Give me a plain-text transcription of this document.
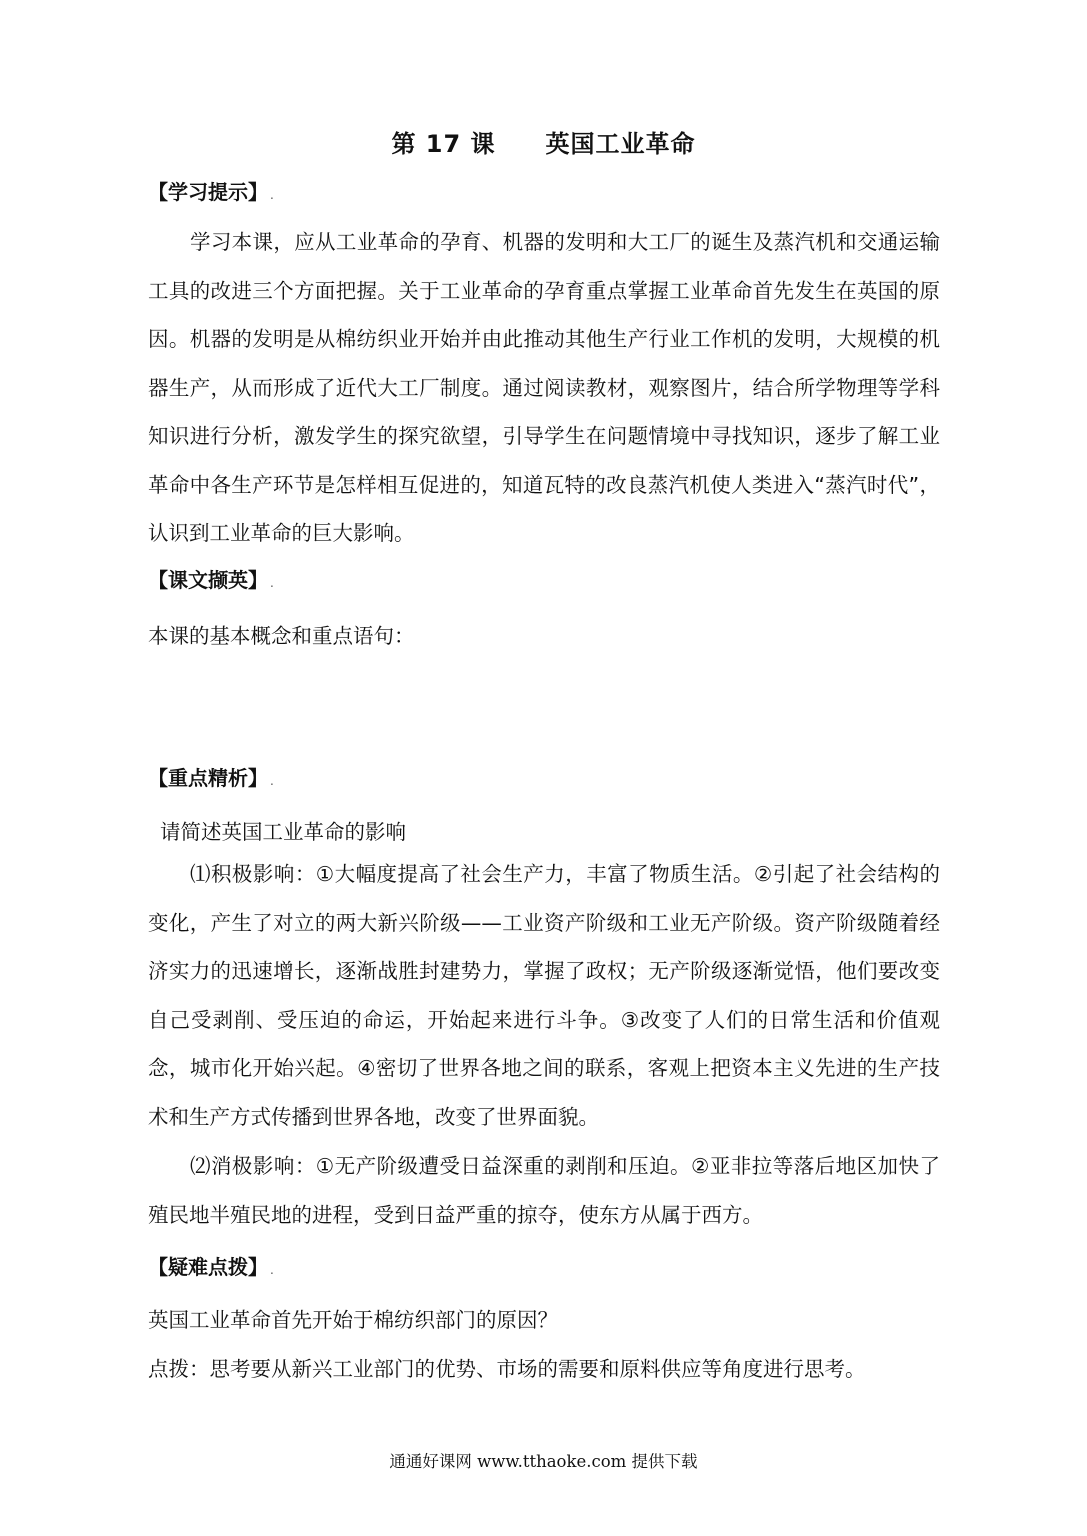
第 17 课　　英国工业革命
【学习提示】 .
学习本课，应从工业革命的孕育、机器的发明和大工厂的诞生及蒸汽机和交通运输工具的改进三个方面把握。关于工业革命的孕育重点掌握工业革命首先发生在英国的原因。机器的发明是从棉纺织业开始并由此推动其他生产行业工作机的发明，大规模的机器生产，从而形成了近代大工厂制度。通过阅读教材，观察图片，结合所学物理等学科知识进行分析，激发学生的探究欲望，引导学生在问题情境中寻找知识，逐步了解工业革命中各生产环节是怎样相互促进的，知道瓦特的改良蒸汽机使人类进入“蒸汽时代”，认识到工业革命的巨大影响。
【课文撷英】 .
本课的基本概念和重点语句：
【重点精析】 .
请简述英国工业革命的影响
⑴积极影响：①大幅度提高了社会生产力，丰富了物质生活。②引起了社会结构的变化，产生了对立的两大新兴阶级——工业资产阶级和工业无产阶级。资产阶级随着经济实力的迅速增长，逐渐战胜封建势力，掌握了政权；无产阶级逐渐觉悟，他们要改变自己受剥削、受压迫的命运，开始起来进行斗争。③改变了人们的日常生活和价值观念，城市化开始兴起。④密切了世界各地之间的联系，客观上把资本主义先进的生产技术和生产方式传播到世界各地，改变了世界面貌。
⑵消极影响：①无产阶级遭受日益深重的剥削和压迫。②亚非拉等落后地区加快了殖民地半殖民地的进程，受到日益严重的掠夺，使东方从属于西方。
【疑难点拨】 .
英国工业革命首先开始于棉纺织部门的原因？
点拨：思考要从新兴工业部门的优势、市场的需要和原料供应等角度进行思考。
通通好课网 www.tthaoke.com 提供下载
